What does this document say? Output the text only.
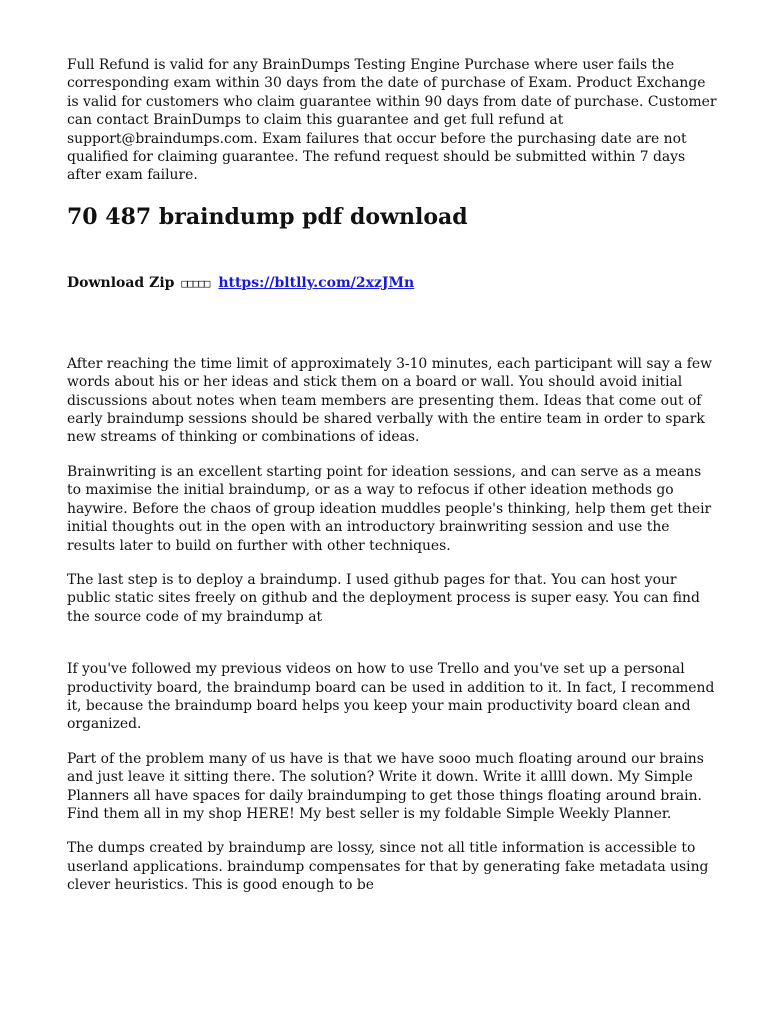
Full Refund is valid for any BrainDumps Testing Engine Purchase where user fails the corresponding exam within 30 days from the date of purchase of Exam. Product Exchange is valid for customers who claim guarantee within 90 days from date of purchase. Customer can contact BrainDumps to claim this guarantee and get full refund at support@braindumps.com. Exam failures that occur before the purchasing date are not qualified for claiming guarantee. The refund request should be submitted within 7 days after exam failure.

70 487 braindump pdf download

Download Zip □□□□□ https://bltlly.com/2xzJMn

After reaching the time limit of approximately 3-10 minutes, each participant will say a few words about his or her ideas and stick them on a board or wall. You should avoid initial discussions about notes when team members are presenting them. Ideas that come out of early braindump sessions should be shared verbally with the entire team in order to spark new streams of thinking or combinations of ideas.

Brainwriting is an excellent starting point for ideation sessions, and can serve as a means to maximise the initial braindump, or as a way to refocus if other ideation methods go haywire. Before the chaos of group ideation muddles people's thinking, help them get their initial thoughts out in the open with an introductory brainwriting session and use the results later to build on further with other techniques.

The last step is to deploy a braindump. I used github pages for that. You can host your public static sites freely on github and the deployment process is super easy. You can find the source code of my braindump at

If you've followed my previous videos on how to use Trello and you've set up a personal productivity board, the braindump board can be used in addition to it. In fact, I recommend it, because the braindump board helps you keep your main productivity board clean and organized.

Part of the problem many of us have is that we have sooo much floating around our brains and just leave it sitting there. The solution? Write it down. Write it allll down. My Simple Planners all have spaces for daily braindumping to get those things floating around brain. Find them all in my shop HERE! My best seller is my foldable Simple Weekly Planner.

The dumps created by braindump are lossy, since not all title information is accessible to userland applications. braindump compensates for that by generating fake metadata using clever heuristics. This is good enough to be
